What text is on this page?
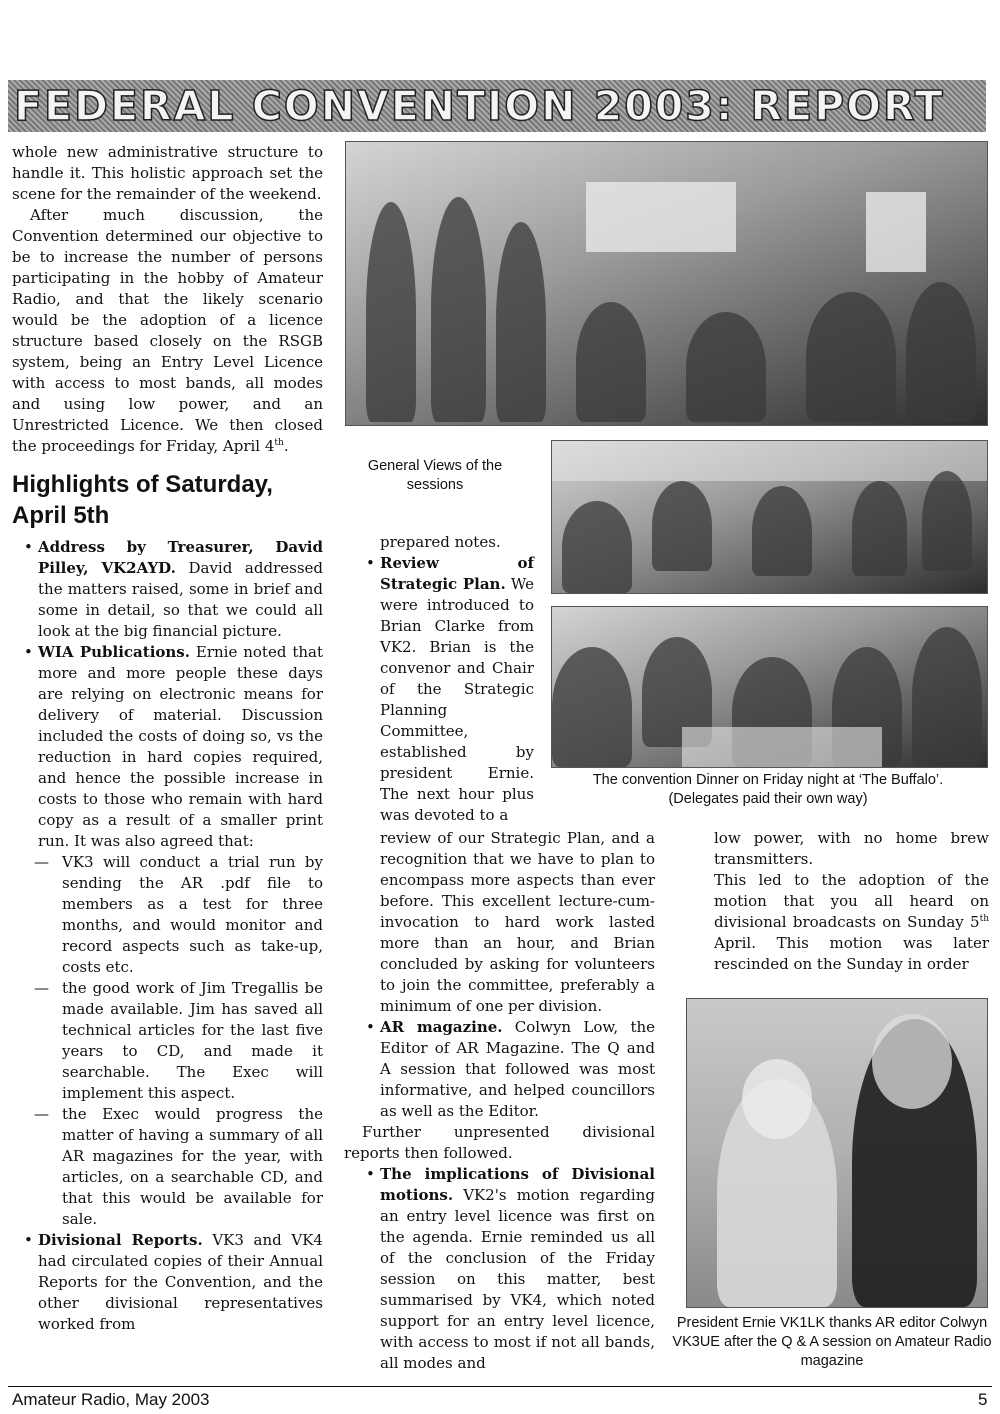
FEDERAL CONVENTION 2003: REPORT

whole new administrative structure to handle it. This holistic approach set the scene for the remainder of the weekend.

After much discussion, the Convention determined our objective to be to increase the number of persons participating in the hobby of Amateur Radio, and that the likely scenario would be the adoption of a licence structure based closely on the RSGB system, being an Entry Level Licence with access to most bands, all modes and using low power, and an Unrestricted Licence. We then closed the proceedings for Friday, April 4th.

Highlights of Saturday, April 5th
• Address by Treasurer, David Pilley, VK2AYD. David addressed the matters raised, some in brief and some in detail, so that we could all look at the big financial picture.
• WIA Publications. Ernie noted that more and more people these days are relying on electronic means for delivery of material. Discussion included the costs of doing so, vs the reduction in hard copies required, and hence the possible increase in costs to those who remain with hard copy as a result of a smaller print run. It was also agreed that:
— VK3 will conduct a trial run by sending the AR .pdf file to members as a test for three months, and would monitor and record aspects such as take-up, costs etc.
— the good work of Jim Tregallis be made available. Jim has saved all technical articles for the last five years to CD, and made it searchable. The Exec will implement this aspect.
— the Exec would progress the matter of having a summary of all AR magazines for the year, with articles, on a searchable CD, and that this would be available for sale.
• Divisional Reports. VK3 and VK4 had circulated copies of their Annual Reports for the Convention, and the other divisional representatives worked from
General Views of the sessions
The convention Dinner on Friday night at ‘The Buffalo’.
(Delegates paid their own way)

prepared notes.

• Review of Strategic Plan. We were introduced to Brian Clarke from VK2. Brian is the convenor and Chair of the Strategic Planning Committee, established by president Ernie. The next hour plus was devoted to a

review of our Strategic Plan, and a recognition that we have to plan to encompass more aspects than ever before. This excellent lecture-cum-invocation to hard work lasted more than an hour, and Brian concluded by asking for volunteers to join the committee, preferably a minimum of one per division.

• AR magazine. Colwyn Low, the Editor of AR Magazine. The Q and A session that followed was most informative, and helped councillors as well as the Editor.

Further unpresented divisional reports then followed.

• The implications of Divisional motions. VK2's motion regarding an entry level licence was first on the agenda. Ernie reminded us all of the conclusion of the Friday session on this matter, best summarised by VK4, which noted support for an entry level licence, with access to most if not all bands, all modes and

low power, with no home brew transmitters.

This led to the adoption of the motion that you all heard on divisional broadcasts on Sunday 5th April. This motion was later rescinded on the Sunday in order

President Ernie VK1LK thanks AR editor Colwyn VK3UE after the Q & A session on Amateur Radio magazine
Amateur Radio, May 2003	5
